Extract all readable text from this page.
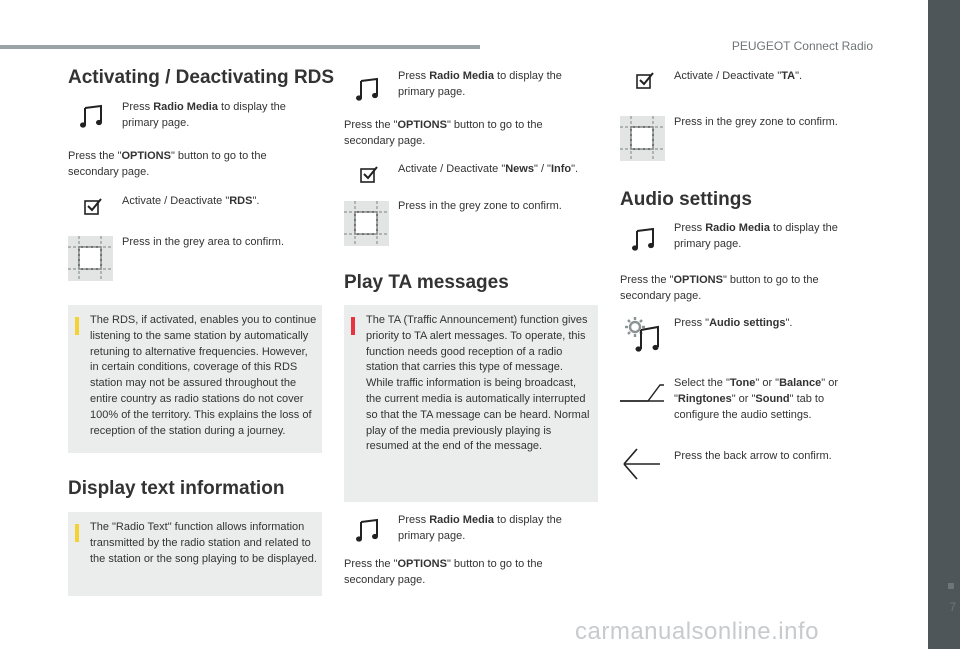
PEUGEOT Connect Radio
7
carmanualsonline.info
Activating / Deactivating RDS
Press Radio Media to display the primary page.
Press the "OPTIONS" button to go to the secondary page.
Activate / Deactivate "RDS".
Press in the grey area to confirm.
The RDS, if activated, enables you to continue listening to the same station by automatically retuning to alternative frequencies. However, in certain conditions, coverage of this RDS station may not be assured throughout the entire country as radio stations do not cover 100% of the territory. This explains the loss of reception of the station during a journey.
Display text information
The "Radio Text" function allows information transmitted by the radio station and related to the station or the song playing to be displayed.
Press Radio Media to display the primary page.
Press the "OPTIONS" button to go to the secondary page.
Activate / Deactivate "News" / "Info".
Press in the grey zone to confirm.
Play TA messages
The TA (Traffic Announcement) function gives priority to TA alert messages. To operate, this function needs good reception of a radio station that carries this type of message. While traffic information is being broadcast, the current media is automatically interrupted so that the TA message can be heard. Normal play of the media previously playing is resumed at the end of the message.
Press Radio Media to display the primary page.
Press the "OPTIONS" button to go to the secondary page.
Activate / Deactivate "TA".
Press in the grey zone to confirm.
Audio settings
Press Radio Media to display the primary page.
Press the "OPTIONS" button to go to the secondary page.
Press "Audio settings".
Select the "Tone" or "Balance" or "Ringtones" or "Sound" tab to configure the audio settings.
Press the back arrow to confirm.
